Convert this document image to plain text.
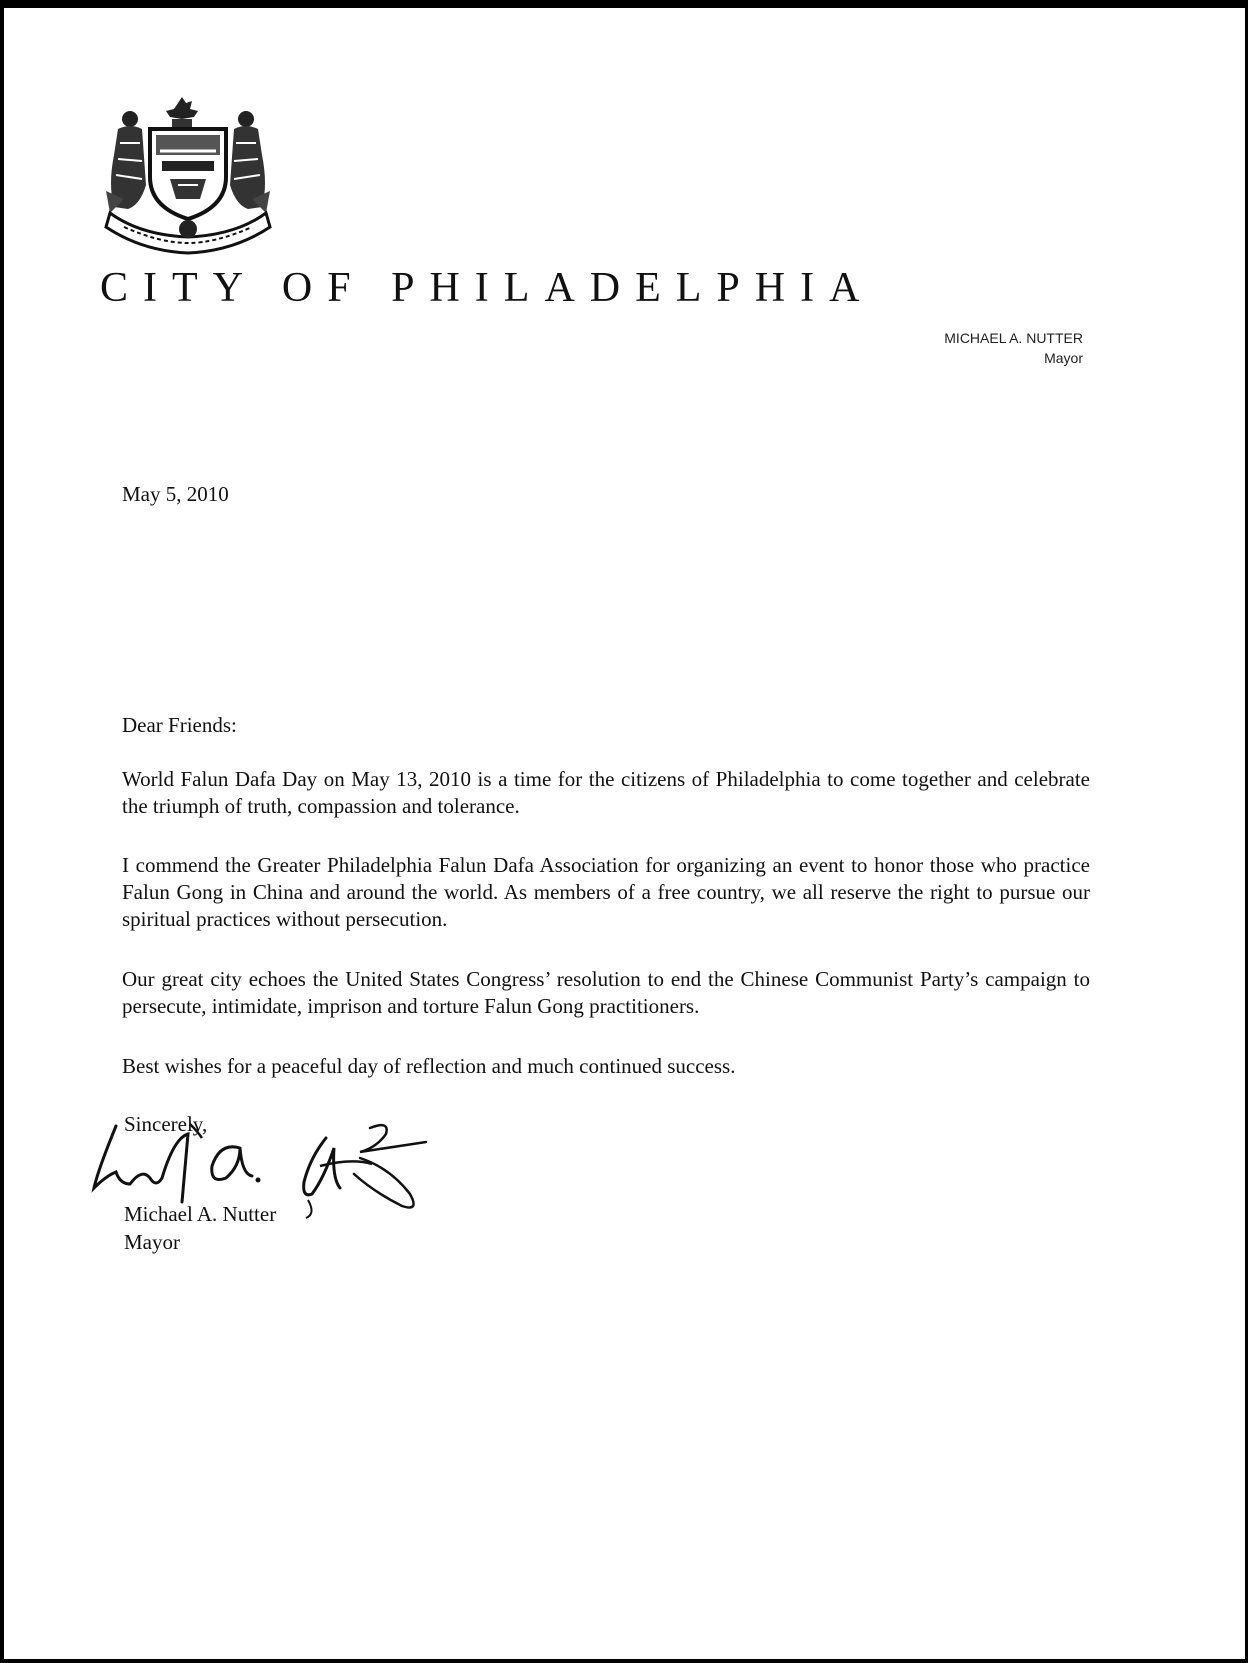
CITY OF PHILADELPHIA
MICHAEL A. NUTTER
Mayor
May 5, 2010
Dear Friends:
World Falun Dafa Day on May 13, 2010 is a time for the citizens of Philadelphia to come together and celebrate the triumph of truth, compassion and tolerance.
I commend the Greater Philadelphia Falun Dafa Association for organizing an event to honor those who practice Falun Gong in China and around the world. As members of a free country, we all reserve the right to pursue our spiritual practices without persecution.
Our great city echoes the United States Congress’ resolution to end the Chinese Communist Party’s campaign to persecute, intimidate, imprison and torture Falun Gong practitioners.
Best wishes for a peaceful day of reflection and much continued success.
Sincerely,
Michael A. Nutter
Mayor
